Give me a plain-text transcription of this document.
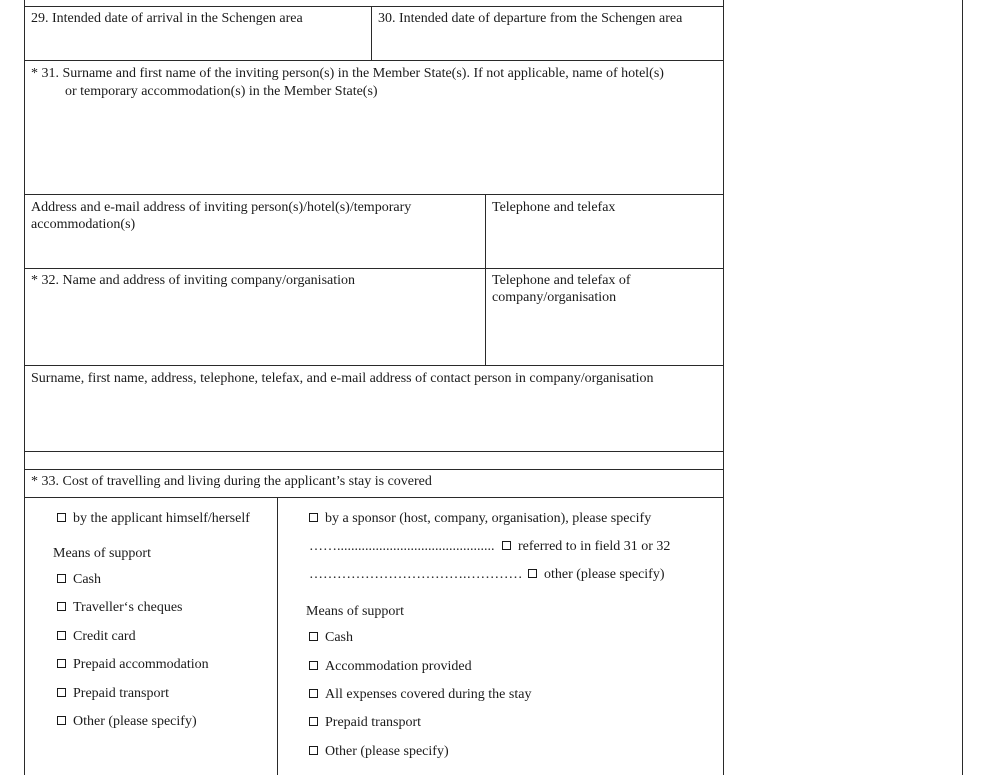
29. Intended date of arrival in the Schengen area	30. Intended date of departure from the Schengen area
* 31. Surname and first name of the inviting person(s) in the Member State(s). If not applicable, name of hotel(s)
or temporary accommodation(s) in the Member State(s)
Address and e-mail address of inviting person(s)/hotel(s)/temporary
accommodation(s)
Telephone and telefax
* 32. Name and address of inviting company/organisation	Telephone and telefax of
company/organisation
Surname, first name, address, telephone, telefax, and e-mail address of contact person in company/organisation
* 33. Cost of travelling and living during the applicant’s stay is covered
by the applicant himself/herself
Means of support
Cash
Traveller‘s cheques
Credit card
Prepaid accommodation
Prepaid transport
Other (please specify)
by a sponsor (host, company, organisation), please specify
……............................................. referred to in field 31 or 32
…………………………….………… other (please specify)
Means of support
Cash
Accommodation provided
All expenses covered during the stay
Prepaid transport
Other (please specify)
